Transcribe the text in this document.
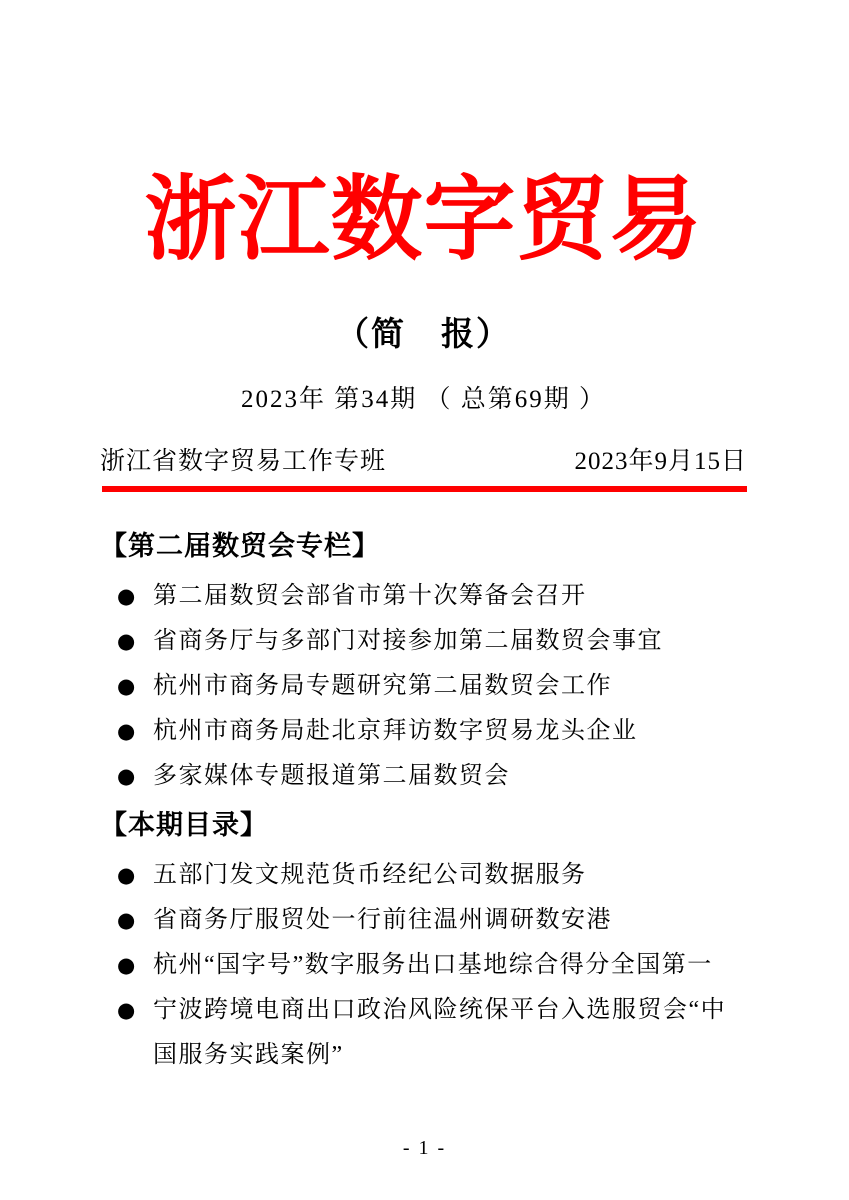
浙江数字贸易
（简　报）
2023年 第34期 （ 总第69期 ）
浙江省数字贸易工作专班	2023年9月15日
【第二届数贸会专栏】
● 第二届数贸会部省市第十次筹备会召开
● 省商务厅与多部门对接参加第二届数贸会事宜
● 杭州市商务局专题研究第二届数贸会工作
● 杭州市商务局赴北京拜访数字贸易龙头企业
● 多家媒体专题报道第二届数贸会
【本期目录】
● 五部门发文规范货币经纪公司数据服务
● 省商务厅服贸处一行前往温州调研数安港
● 杭州“国字号”数字服务出口基地综合得分全国第一
● 宁波跨境电商出口政治风险统保平台入选服贸会“中国服务实践案例”
- 1 -
